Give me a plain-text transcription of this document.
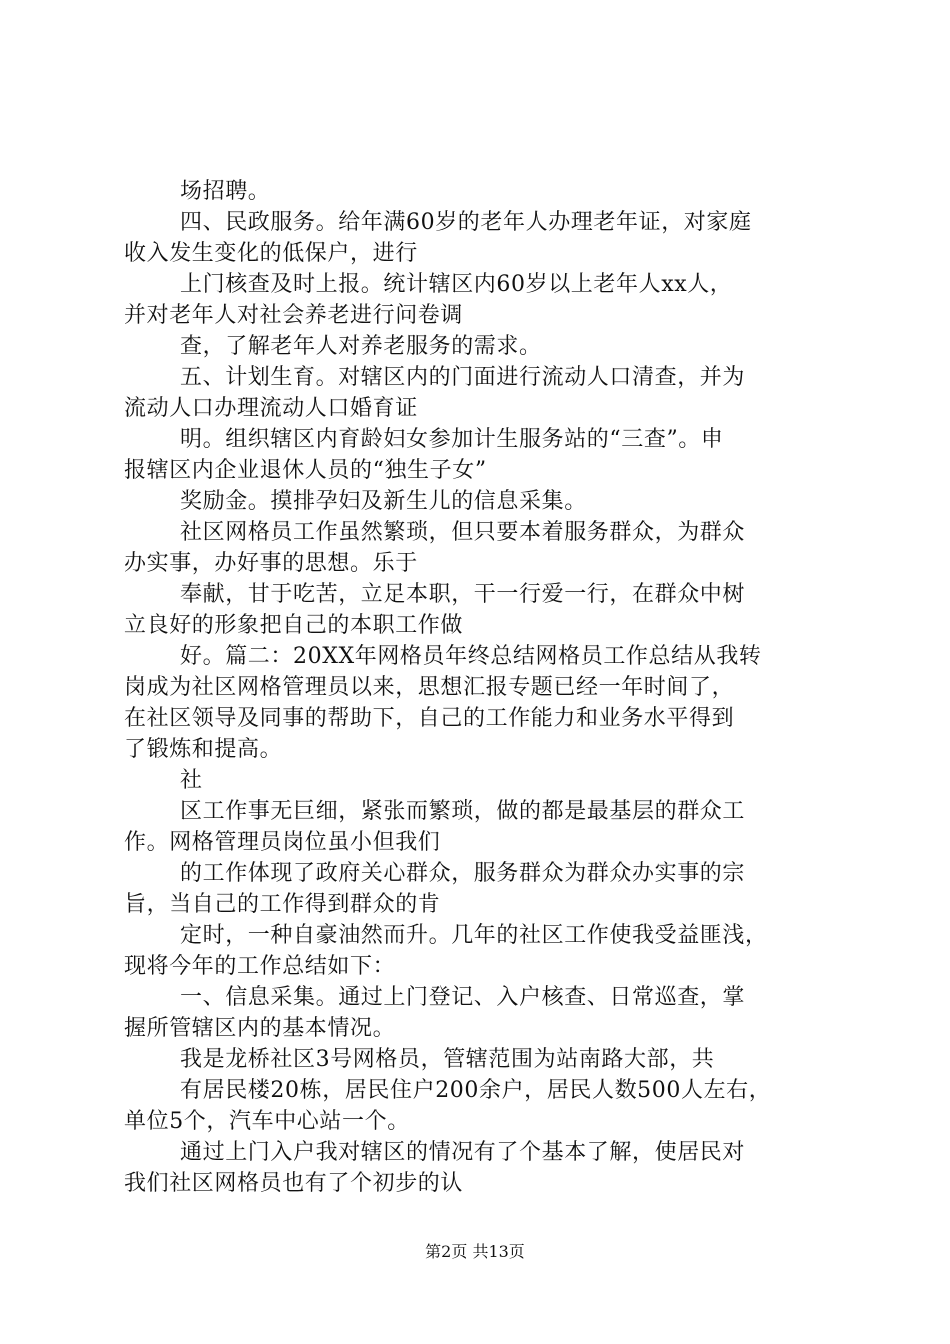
场招聘。
四、民政服务。给年满60岁的老年人办理老年证，对家庭
收入发生变化的低保户，进行
上门核查及时上报。统计辖区内60岁以上老年人xx人，
并对老年人对社会养老进行问卷调
查，了解老年人对养老服务的需求。
五、计划生育。对辖区内的门面进行流动人口清查，并为
流动人口办理流动人口婚育证
明。组织辖区内育龄妇女参加计生服务站的“三查”。申
报辖区内企业退休人员的“独生子女”
奖励金。摸排孕妇及新生儿的信息采集。
社区网格员工作虽然繁琐，但只要本着服务群众，为群众
办实事，办好事的思想。乐于
奉献，甘于吃苦，立足本职，干一行爱一行，在群众中树
立良好的形象把自己的本职工作做
好。篇二：20XX年网格员年终总结网格员工作总结从我转
岗成为社区网格管理员以来，思想汇报专题已经一年时间了，
在社区领导及同事的帮助下，自己的工作能力和业务水平得到
了锻炼和提高。
社
区工作事无巨细，紧张而繁琐，做的都是最基层的群众工
作。网格管理员岗位虽小但我们
的工作体现了政府关心群众，服务群众为群众办实事的宗
旨，当自己的工作得到群众的肯
定时，一种自豪油然而升。几年的社区工作使我受益匪浅，
现将今年的工作总结如下：
一、信息采集。通过上门登记、入户核查、日常巡查，掌
握所管辖区内的基本情况。
我是龙桥社区3号网格员，管辖范围为站南路大部，共
有居民楼20栋，居民住户200余户，居民人数500人左右，
单位5个，汽车中心站一个。
通过上门入户我对辖区的情况有了个基本了解，使居民对
我们社区网格员也有了个初步的认
第2页 共13页
